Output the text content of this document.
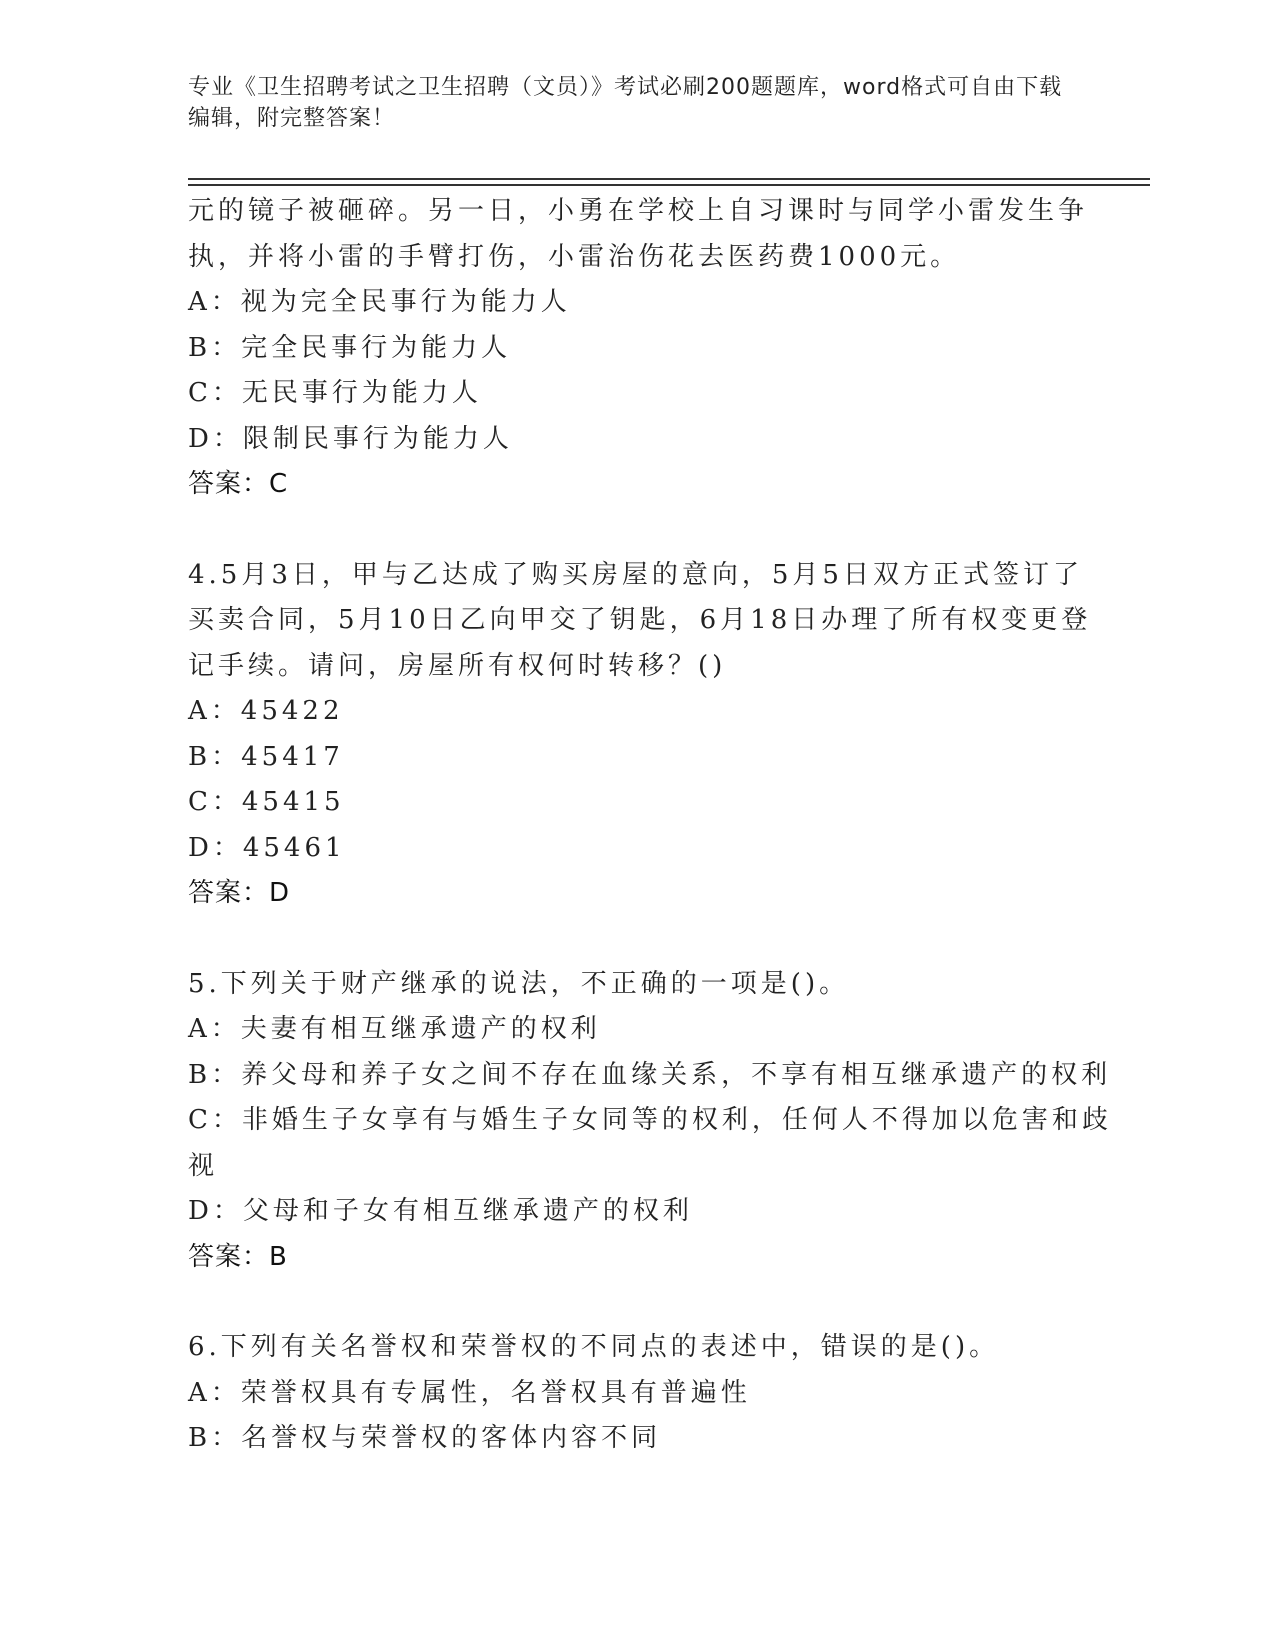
专业《卫生招聘考试之卫生招聘（文员）》考试必刷200题题库，word格式可自由下载编辑，附完整答案！
元的镜子被砸碎。另一日，小勇在学校上自习课时与同学小雷发生争
执，并将小雷的手臂打伤，小雷治伤花去医药费1000元。
A：视为完全民事行为能力人
B：完全民事行为能力人
C：无民事行为能力人
D：限制民事行为能力人
答案：C
4.5月3日，甲与乙达成了购买房屋的意向，5月5日双方正式签订了
买卖合同，5月10日乙向甲交了钥匙，6月18日办理了所有权变更登
记手续。请问，房屋所有权何时转移？()
A：45422
B：45417
C：45415
D：45461
答案：D
5.下列关于财产继承的说法，不正确的一项是()。
A：夫妻有相互继承遗产的权利
B：养父母和养子女之间不存在血缘关系，不享有相互继承遗产的权利
C：非婚生子女享有与婚生子女同等的权利，任何人不得加以危害和歧
视
D：父母和子女有相互继承遗产的权利
答案：B
6.下列有关名誉权和荣誉权的不同点的表述中，错误的是()。
A：荣誉权具有专属性，名誉权具有普遍性
B：名誉权与荣誉权的客体内容不同
